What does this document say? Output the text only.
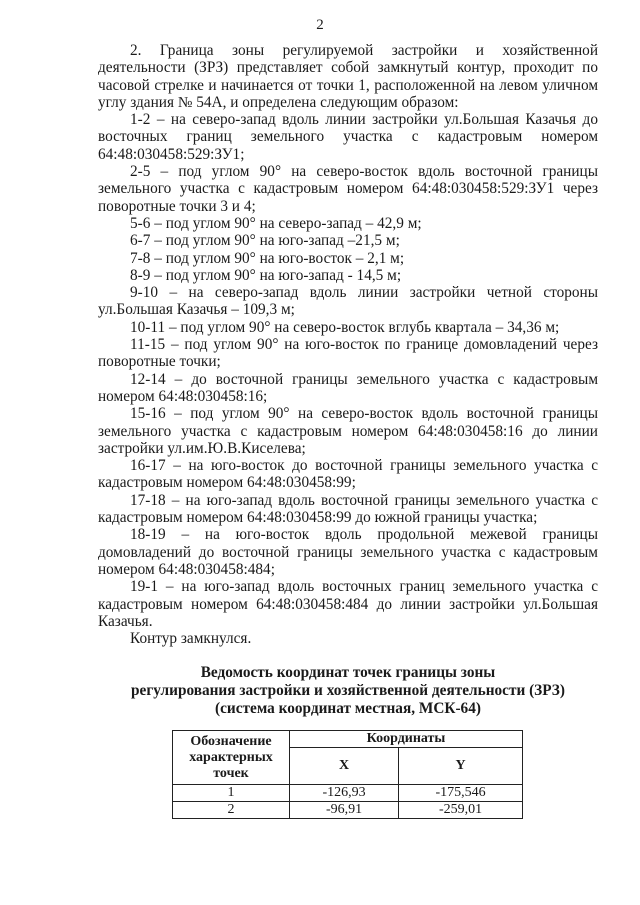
2

2. Граница зоны регулируемой застройки и хозяйственной деятельности (ЗРЗ) представляет собой замкнутый контур, проходит по часовой стрелке и начинается от точки 1, расположенной на левом уличном углу здания № 54А, и определена следующим образом:

1-2 – на северо-запад вдоль линии застройки ул.Большая Казачья до восточных границ земельного участка с кадастровым номером 64:48:030458:529:ЗУ1;

2-5 – под углом 90° на северо-восток вдоль восточной границы земельного участка с кадастровым номером 64:48:030458:529:ЗУ1 через поворотные точки 3 и 4;

5-6 – под углом 90° на северо-запад – 42,9 м;

6-7 – под углом 90° на юго-запад –21,5 м;

7-8 – под углом 90° на юго-восток – 2,1 м;

8-9 – под углом 90° на юго-запад - 14,5 м;

9-10 – на северо-запад вдоль линии застройки четной стороны ул.Большая Казачья – 109,3 м;

10-11 – под углом 90° на северо-восток вглубь квартала – 34,36 м;

11-15 – под углом 90° на юго-восток по границе домовладений через поворотные точки;

12-14 – до восточной границы земельного участка с кадастровым номером 64:48:030458:16;

15-16 – под углом 90° на северо-восток вдоль восточной границы земельного участка с кадастровым номером 64:48:030458:16 до линии застройки ул.им.Ю.В.Киселева;

16-17 – на юго-восток до восточной границы земельного участка с кадастровым номером 64:48:030458:99;

17-18 – на юго-запад вдоль восточной границы земельного участка с кадастровым номером 64:48:030458:99 до южной границы участка;

18-19 – на юго-восток вдоль продольной межевой границы домовладений до восточной границы земельного участка с кадастровым номером 64:48:030458:484;

19-1 – на юго-запад вдоль восточных границ земельного участка с кадастровым номером 64:48:030458:484 до линии застройки ул.Большая Казачья.

Контур замкнулся.

Ведомость координат точек границы зоны
регулирования застройки и хозяйственной деятельности (ЗРЗ)
(система координат местная, МСК-64)
Обозначение характерных точек	Координаты	
	X	Y
1	-126,93	-175,546
2	-96,91	-259,01
